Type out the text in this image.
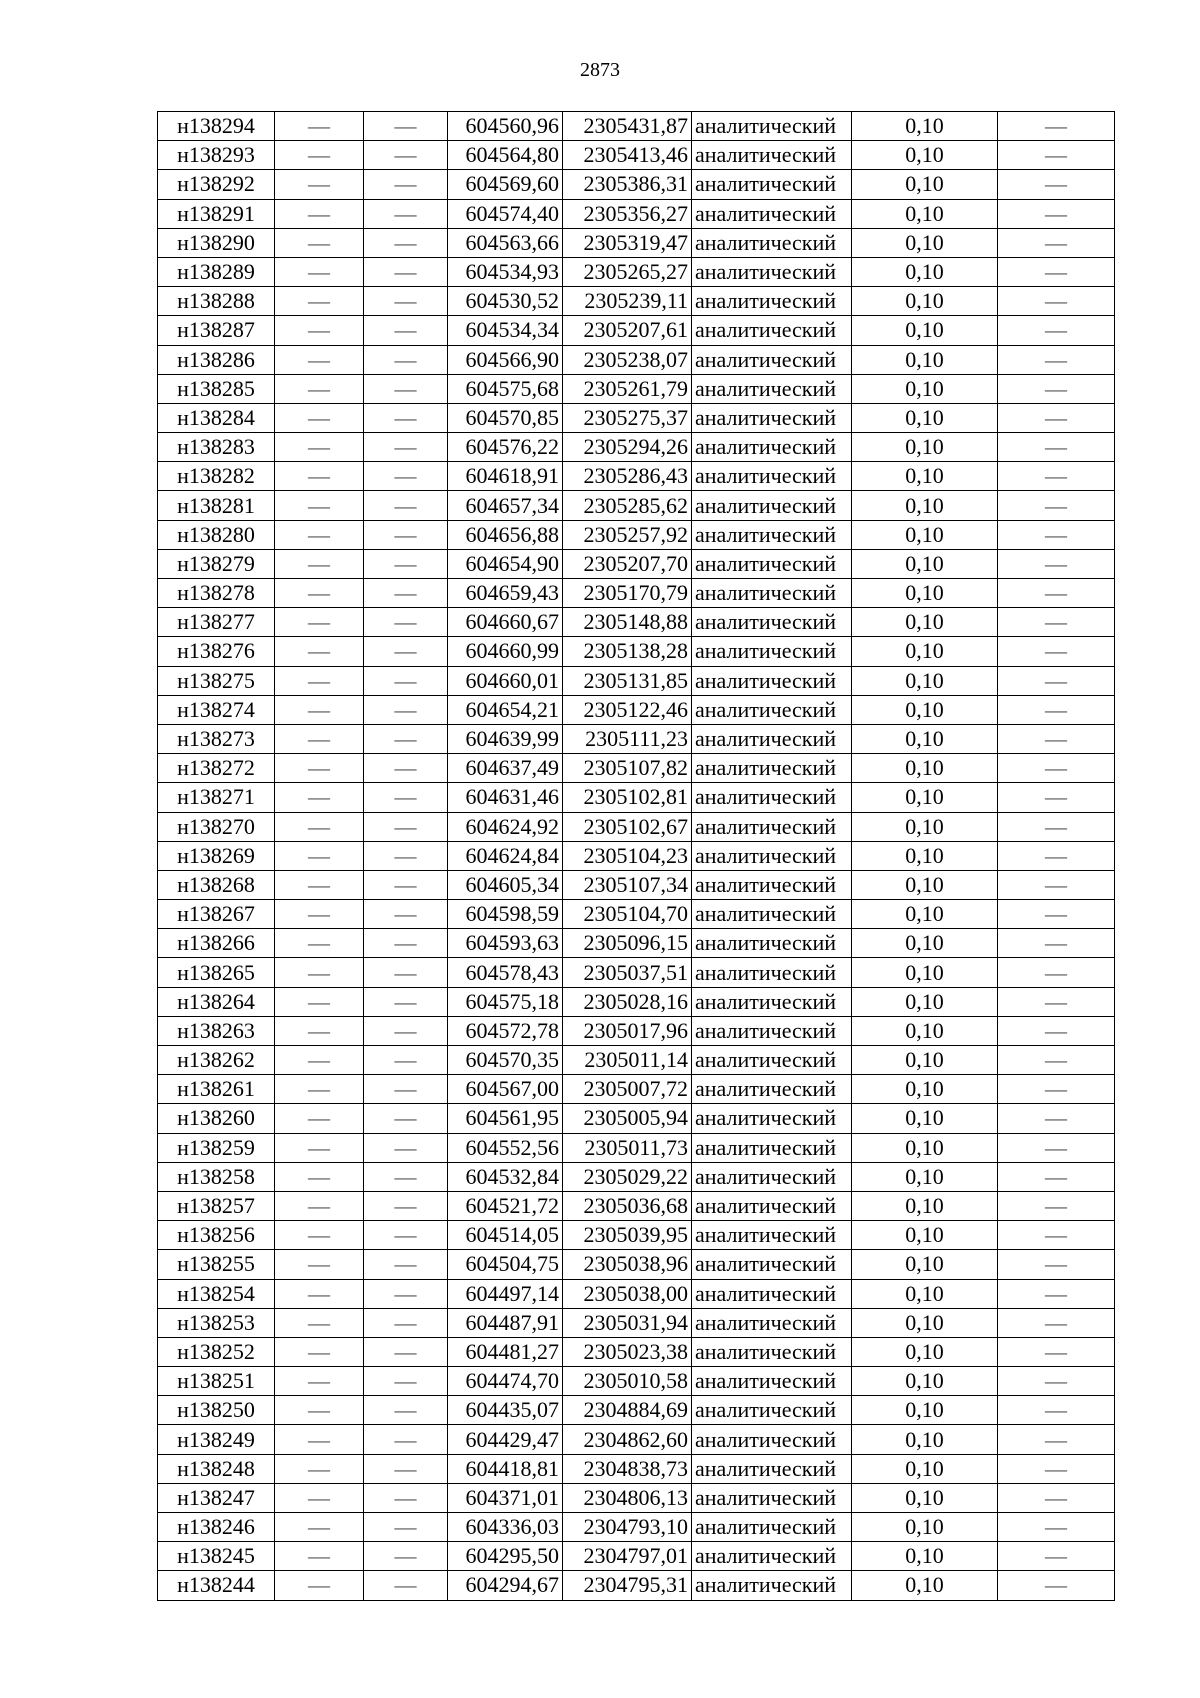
2873
н138294	—	—	604560,96	2305431,87	аналитический	0,10	—
н138293	—	—	604564,80	2305413,46	аналитический	0,10	—
н138292	—	—	604569,60	2305386,31	аналитический	0,10	—
н138291	—	—	604574,40	2305356,27	аналитический	0,10	—
н138290	—	—	604563,66	2305319,47	аналитический	0,10	—
н138289	—	—	604534,93	2305265,27	аналитический	0,10	—
н138288	—	—	604530,52	2305239,11	аналитический	0,10	—
н138287	—	—	604534,34	2305207,61	аналитический	0,10	—
н138286	—	—	604566,90	2305238,07	аналитический	0,10	—
н138285	—	—	604575,68	2305261,79	аналитический	0,10	—
н138284	—	—	604570,85	2305275,37	аналитический	0,10	—
н138283	—	—	604576,22	2305294,26	аналитический	0,10	—
н138282	—	—	604618,91	2305286,43	аналитический	0,10	—
н138281	—	—	604657,34	2305285,62	аналитический	0,10	—
н138280	—	—	604656,88	2305257,92	аналитический	0,10	—
н138279	—	—	604654,90	2305207,70	аналитический	0,10	—
н138278	—	—	604659,43	2305170,79	аналитический	0,10	—
н138277	—	—	604660,67	2305148,88	аналитический	0,10	—
н138276	—	—	604660,99	2305138,28	аналитический	0,10	—
н138275	—	—	604660,01	2305131,85	аналитический	0,10	—
н138274	—	—	604654,21	2305122,46	аналитический	0,10	—
н138273	—	—	604639,99	2305111,23	аналитический	0,10	—
н138272	—	—	604637,49	2305107,82	аналитический	0,10	—
н138271	—	—	604631,46	2305102,81	аналитический	0,10	—
н138270	—	—	604624,92	2305102,67	аналитический	0,10	—
н138269	—	—	604624,84	2305104,23	аналитический	0,10	—
н138268	—	—	604605,34	2305107,34	аналитический	0,10	—
н138267	—	—	604598,59	2305104,70	аналитический	0,10	—
н138266	—	—	604593,63	2305096,15	аналитический	0,10	—
н138265	—	—	604578,43	2305037,51	аналитический	0,10	—
н138264	—	—	604575,18	2305028,16	аналитический	0,10	—
н138263	—	—	604572,78	2305017,96	аналитический	0,10	—
н138262	—	—	604570,35	2305011,14	аналитический	0,10	—
н138261	—	—	604567,00	2305007,72	аналитический	0,10	—
н138260	—	—	604561,95	2305005,94	аналитический	0,10	—
н138259	—	—	604552,56	2305011,73	аналитический	0,10	—
н138258	—	—	604532,84	2305029,22	аналитический	0,10	—
н138257	—	—	604521,72	2305036,68	аналитический	0,10	—
н138256	—	—	604514,05	2305039,95	аналитический	0,10	—
н138255	—	—	604504,75	2305038,96	аналитический	0,10	—
н138254	—	—	604497,14	2305038,00	аналитический	0,10	—
н138253	—	—	604487,91	2305031,94	аналитический	0,10	—
н138252	—	—	604481,27	2305023,38	аналитический	0,10	—
н138251	—	—	604474,70	2305010,58	аналитический	0,10	—
н138250	—	—	604435,07	2304884,69	аналитический	0,10	—
н138249	—	—	604429,47	2304862,60	аналитический	0,10	—
н138248	—	—	604418,81	2304838,73	аналитический	0,10	—
н138247	—	—	604371,01	2304806,13	аналитический	0,10	—
н138246	—	—	604336,03	2304793,10	аналитический	0,10	—
н138245	—	—	604295,50	2304797,01	аналитический	0,10	—
н138244	—	—	604294,67	2304795,31	аналитический	0,10	—
